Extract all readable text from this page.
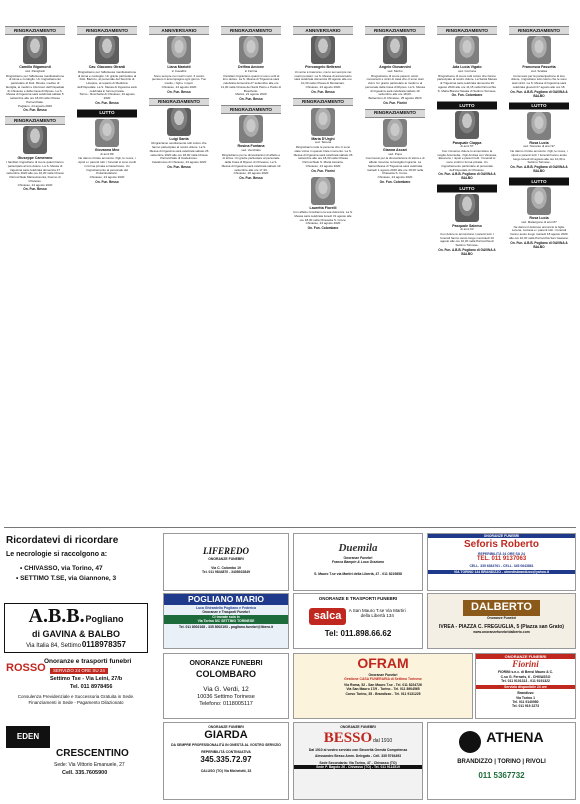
RINGRAZIAMENTO
Camillo Bigamonti
ved. Panighetti
Ringraziamo per l'affettuosa manifestazione di stima e cordoglio. Un ringraziamento particolare al Dott. Minola, medico di famiglia, ai medici e infermieri dell'Ospedale di Chivasso e della Casa di Riposo. La S. Messa di trigesima sarà celebrata sabato 5 settembre alle ore 18,00 nella Chiesa Parrocchiale.
Pogliano, 24 agosto 2020
On. Fun. Besso
RINGRAZIAMENTO
Giuseppe Camerano
I familiari ringraziano di cuore quanti hanno partecipato al loro dolore. La S. Messa di trigesima sarà celebrata domenica 27 settembre 2020 alle ore 10,30 nella Chiesa Parrocchiale Maria Assunta, Duomo di Chivasso.
Chivasso, 24 agosto 2020
On. Fun. Besso
RINGRAZIAMENTO
Cav. Giacomo Girardi
Ringraziamo per l'affettuosa manifestazione di stima e cordoglio. Un grazie particolare al Dott. Baricco, al personale del Servizio di Hospice, al reparto di Medicina dell'Ospedale. La S. Messa di trigesima sarà celebrata in forma privata.
Torino - Rocchetta di Chivasso, 24 agosto 2020
On. Fun. Besso
LUTTO
Giovanna Meo
di anni 89
Ne danno il triste annuncio i figli, le nuore, i nipoti e i parenti tutti. I funerali si sono svolti in forma privata a Castelrosso. Un ringraziamento al personale del Poliambulatorio.
Chivasso, 24 agosto 2020
On. Fun. Besso
ANNIVERSARIO
Liana Mariotti
in Cavallini
Sono sempre nei nostri cuori. Il nostro pensiero ti accompagna ogni giorno. Tuo marito, i figli e i nipoti.
Chivasso, 24 agosto 2020
On. Fun. Besso
RINGRAZIAMENTO
Luigi Santa
Ringraziamo sentitamente tutti coloro che hanno partecipato al nostro dolore. La S. Messa di trigesima sarà celebrata sabato 26 settembre 2020 alle ore 18,00 nella Chiesa Parrocchiale di Castelrosso.
Castelrosso di Chivasso, 24 agosto 2020
On. Fun. Besso
RINGRAZIAMENTO
Delfina Amione
in Fiorina
I familiari ringraziano quanti si sono uniti al loro dolore. La S. Messa di Trigesima sarà celebrata domenica 27 settembre alle ore 11,00 nella Chiesa dei Santi Pietro e Paolo di Boschetto.
Mazzè, 21 agosto 2020
On. Fun. Besso
RINGRAZIAMENTO
Rosina Fontana
ved. Vecchiato
Ringraziamo per le dimostrazioni di affetto e di stima. Un grazie particolare al personale della Casa di Riposo di Chivasso. La S. Messa di trigesima sarà celebrata sabato 19 settembre alle ore 17,30.
Chivasso, 20 agosto 2020
On. Fun. Besso
ANNIVERSARIO
Piercangelo Beltrami
Un anno è trascorso, ma tu sei sempre nei nostri pensieri. La S. Messa di anniversario sarà celebrata domenica 30 agosto alle ore 10,30 nella Chiesa di Montanaro.
Chivasso, 24 agosto 2020
On. Fun. Besso
RINGRAZIAMENTO
Maria D'Urghi
ved. Tetrena
Ringraziamo tutte le persone che ci sono state vicine in questo triste momento. La S. Messa di trigesima sarà celebrata sabato 26 settembre alle ore 18,30 nella Chiesa Parrocchiale S. Maria Assunta.
Chivasso, 24 agosto 2020
On. Fun. Fiorini
Lauretta Fiorelli
Con affetto ricordiamo la sua dolcezza. La S. Messa sarà celebrata lunedì 31 agosto alle ore 18,00 nella Chiesetta S. Croce.
Chivasso, 24 agosto 2020
On. Fun. Colombaro
RINGRAZIAMENTO
Angelo Giovannini
ved. Morbo
Ringraziamo di cuore parenti, amici, conoscenti e vicini di casa che ci sono stati vicini. Un grazie particolare ai medici e al personale della Casa di Riposo. La S. Messa di trigesima sarà celebrata sabato 19 settembre alle ore 18,00.
Bettemimo di Chivasso, 25 agosto 2020
On. Fun. Fiorini
RINGRAZIAMENTO
Gianna Ascari
ved. Popa
Commossi per la dimostrazione di stima e di affetto ricevuta, la famiglia ringrazia. La Santa Messa di Trigesima sarà celebrata martedì 1 agosto 2020 alle ore 18,00 nella Chiesetta S. Croce.
Chivasso, 24 agosto 2020
On. Fun. Colombaro
RINGRAZIAMENTO
Ada Lucia Vigato
ved. Corriuna
Ringraziamo di cuore tutti coloro che hanno partecipato al nostro dolore. La Santa Messa di Trigesima sarà celebrata domenica 30 agosto 2020 alle ore 11,15 nella Parrocchia S. Maria Bianca Navata di Settimo Torinese.
On. Fun. Colombaro
LUTTO
Pasquale Ciappa
di anni 57
Con immenso dolore lo annunciano la moglie Antonietta, i figli Andrea con Vanessa, Eleonora, i nipoti e parenti tutti. I funerali si sono svolti in forma privata. Un ringraziamento particolare al personale dell'Ospedale di Chivasso.
On. Fun. A.B.B. Pogliano di GAVINA & BALBO
LUTTO
Pasquale Salemo
di anni 63
Con dolore lo annunciano i parenti tutti. I funerali hanno avuto luogo mercoledì 19 agosto alle ore 10,30 nella Parrocchia di Settimo Torinese.
On. Fun. A.B.B. Pogliano di GAVINA & BALBO
RINGRAZIAMENTO
Francesca Fassetta
ved. Scalisa
Commossi per la partecipazione al loro dolore, ringraziano tutti coloro che le sono stati vicini. La S. Messa di trigesima sarà celebrata giovedì 27 agosto alle ore 18.
On. Fun. A.B.B. Pogliano di GAVINA & BALBO
LUTTO
Rosa Lucia
ved. Nonante di anni 97
Ne danno il triste annuncio i figli, le nuore, i nipoti e parenti tutti. I funerali hanno avuto luogo lunedì 24 agosto alle ore 10,30 a Settimo Torinese.
On. Fun. A.B.B. Pogliano di GAVINA & BALBO
LUTTO
Rosa Lucia
ved. Mattergone di anni 87
Ne danno il doloroso annuncio le figlie Lorena, Luciana e i parenti tutti. I funerali hanno avuto luogo martedì 18 agosto 2020 alle ore 10,30 nella Parrocchia San Gaetano.
On. Fun. A.B.B. Pogliano di GAVINA & BALBO
Ricordatevi di ricordare
Le necrologie si raccolgono a:
• CHIVASSO, via Torino, 47
• SETTIMO T.SE, via Giannone, 3
LIFEREDO
ONORANZE FUNEBRI
Via C. Colombo 19
Tel. 011 9844870 - 3408922849
Duemila
Onoranze Funebri
Franca Bampin & Luca Graziano
S. Mauro T.se via Martiri della Libertà, 47 - 011 8219858
ONORANZE FUNEBRI
Seforis Roberto
REPERIBILITÀ 24 ORE SU 24
TEL. 011 9137063
CELL. 335 6384761 - CELL. 345 0643861
VIA TORINO 144 BRANDIZZO - olmedisbrandizzo@yahoo.it
A.B.B. Pogliano
di GAVINA & BALBO
Via Italia 84, Settimo 0118978357
POGLIANO MARIO
Luca Ghirardello Pogliano e Federica
Onoranze e Trasporti Funebri
Ci trovate solo in
Via Torino 5/C SETTIMO TORINESE
Tel. 011 8002168 - 335 8002193 - pogliano.funebri@libero.it
ONORANZE E TRASPORTI FUNEBRI
salca A San Mauro T.se Via Martiri della Libertà 134
Tel: 011.898.66.62
DALBERTO
Onoranze Funebri
IVREA - PIAZZA C. FREGUGLIA, 5 (Piazza san Grato)
www.onoranzefunebridalberto.com
ROSSO
Onoranze e trasporti funebri
SERVIZIO 24 ORE SU 24
Settimo Tse - Via Leini, 27/b
Tel. 011 8978456
Consulenza Previdenziale e Successoria Gratuita in Sede. Finanziamenti in Sede - Pagamento Dilazionato
ONORANZE FUNEBRI
COLOMBARO
Via G. Verdi, 12
10036 Settimo Torinese
Telefono: 0118005117
OFRAM
Onoranze Funebri
Gestione CASA FUNERARIA di Settimo Torinese
Via Roma, 52 - San Mauro T.se - Tel. 011 8224726
Via San Mauro 17/9 - Torino - Tel. 011 8904565
Corso Torino, 35 - Brandizzo - Tel. 011 9131225
ONORANZE FUNEBRI
Fiorini
FIORINI s.n.c. di Bensi Mauro & C.
C.so G. Ferraris, 6 - CHIVASSO
Tel. 011 9101313 - 011 9191322
Servizio disponibile 24 ore
Brandizzo
Via Torino 1
Tel. 011 9140980
Tel. 011 919 2273
EDEN
CRESCENTINO
Sede: Via Vittorio Emanuele, 27
Cell. 335.7605900
ONORANZE FUNEBRI
GIARDA
DA SEMPRE PROFESSIONALITÀ IN ONESTÀ AL VOSTRO SERVIZIO
REPERIBILITÀ CONTINUATIVA
345.335.72.97
CALUSO (TO) Via Michelotti, 33
ONORANZE FUNEBRI
BESSO dal 1910
Dal 1910 al vostro servizio con Sincerità Onestà Competenza
Alessandro Besso Amm. Delegato - Cell. 335 5764493
Sede Secondaria: Via Torino, 47 - Chivasso (TO)
Sede P. Bagolo 26 - Chivasso (TO) - Tel. 011 9114519
ATHENA
BRANDIZZO | TORINO | RIVOLI
011 5367732
